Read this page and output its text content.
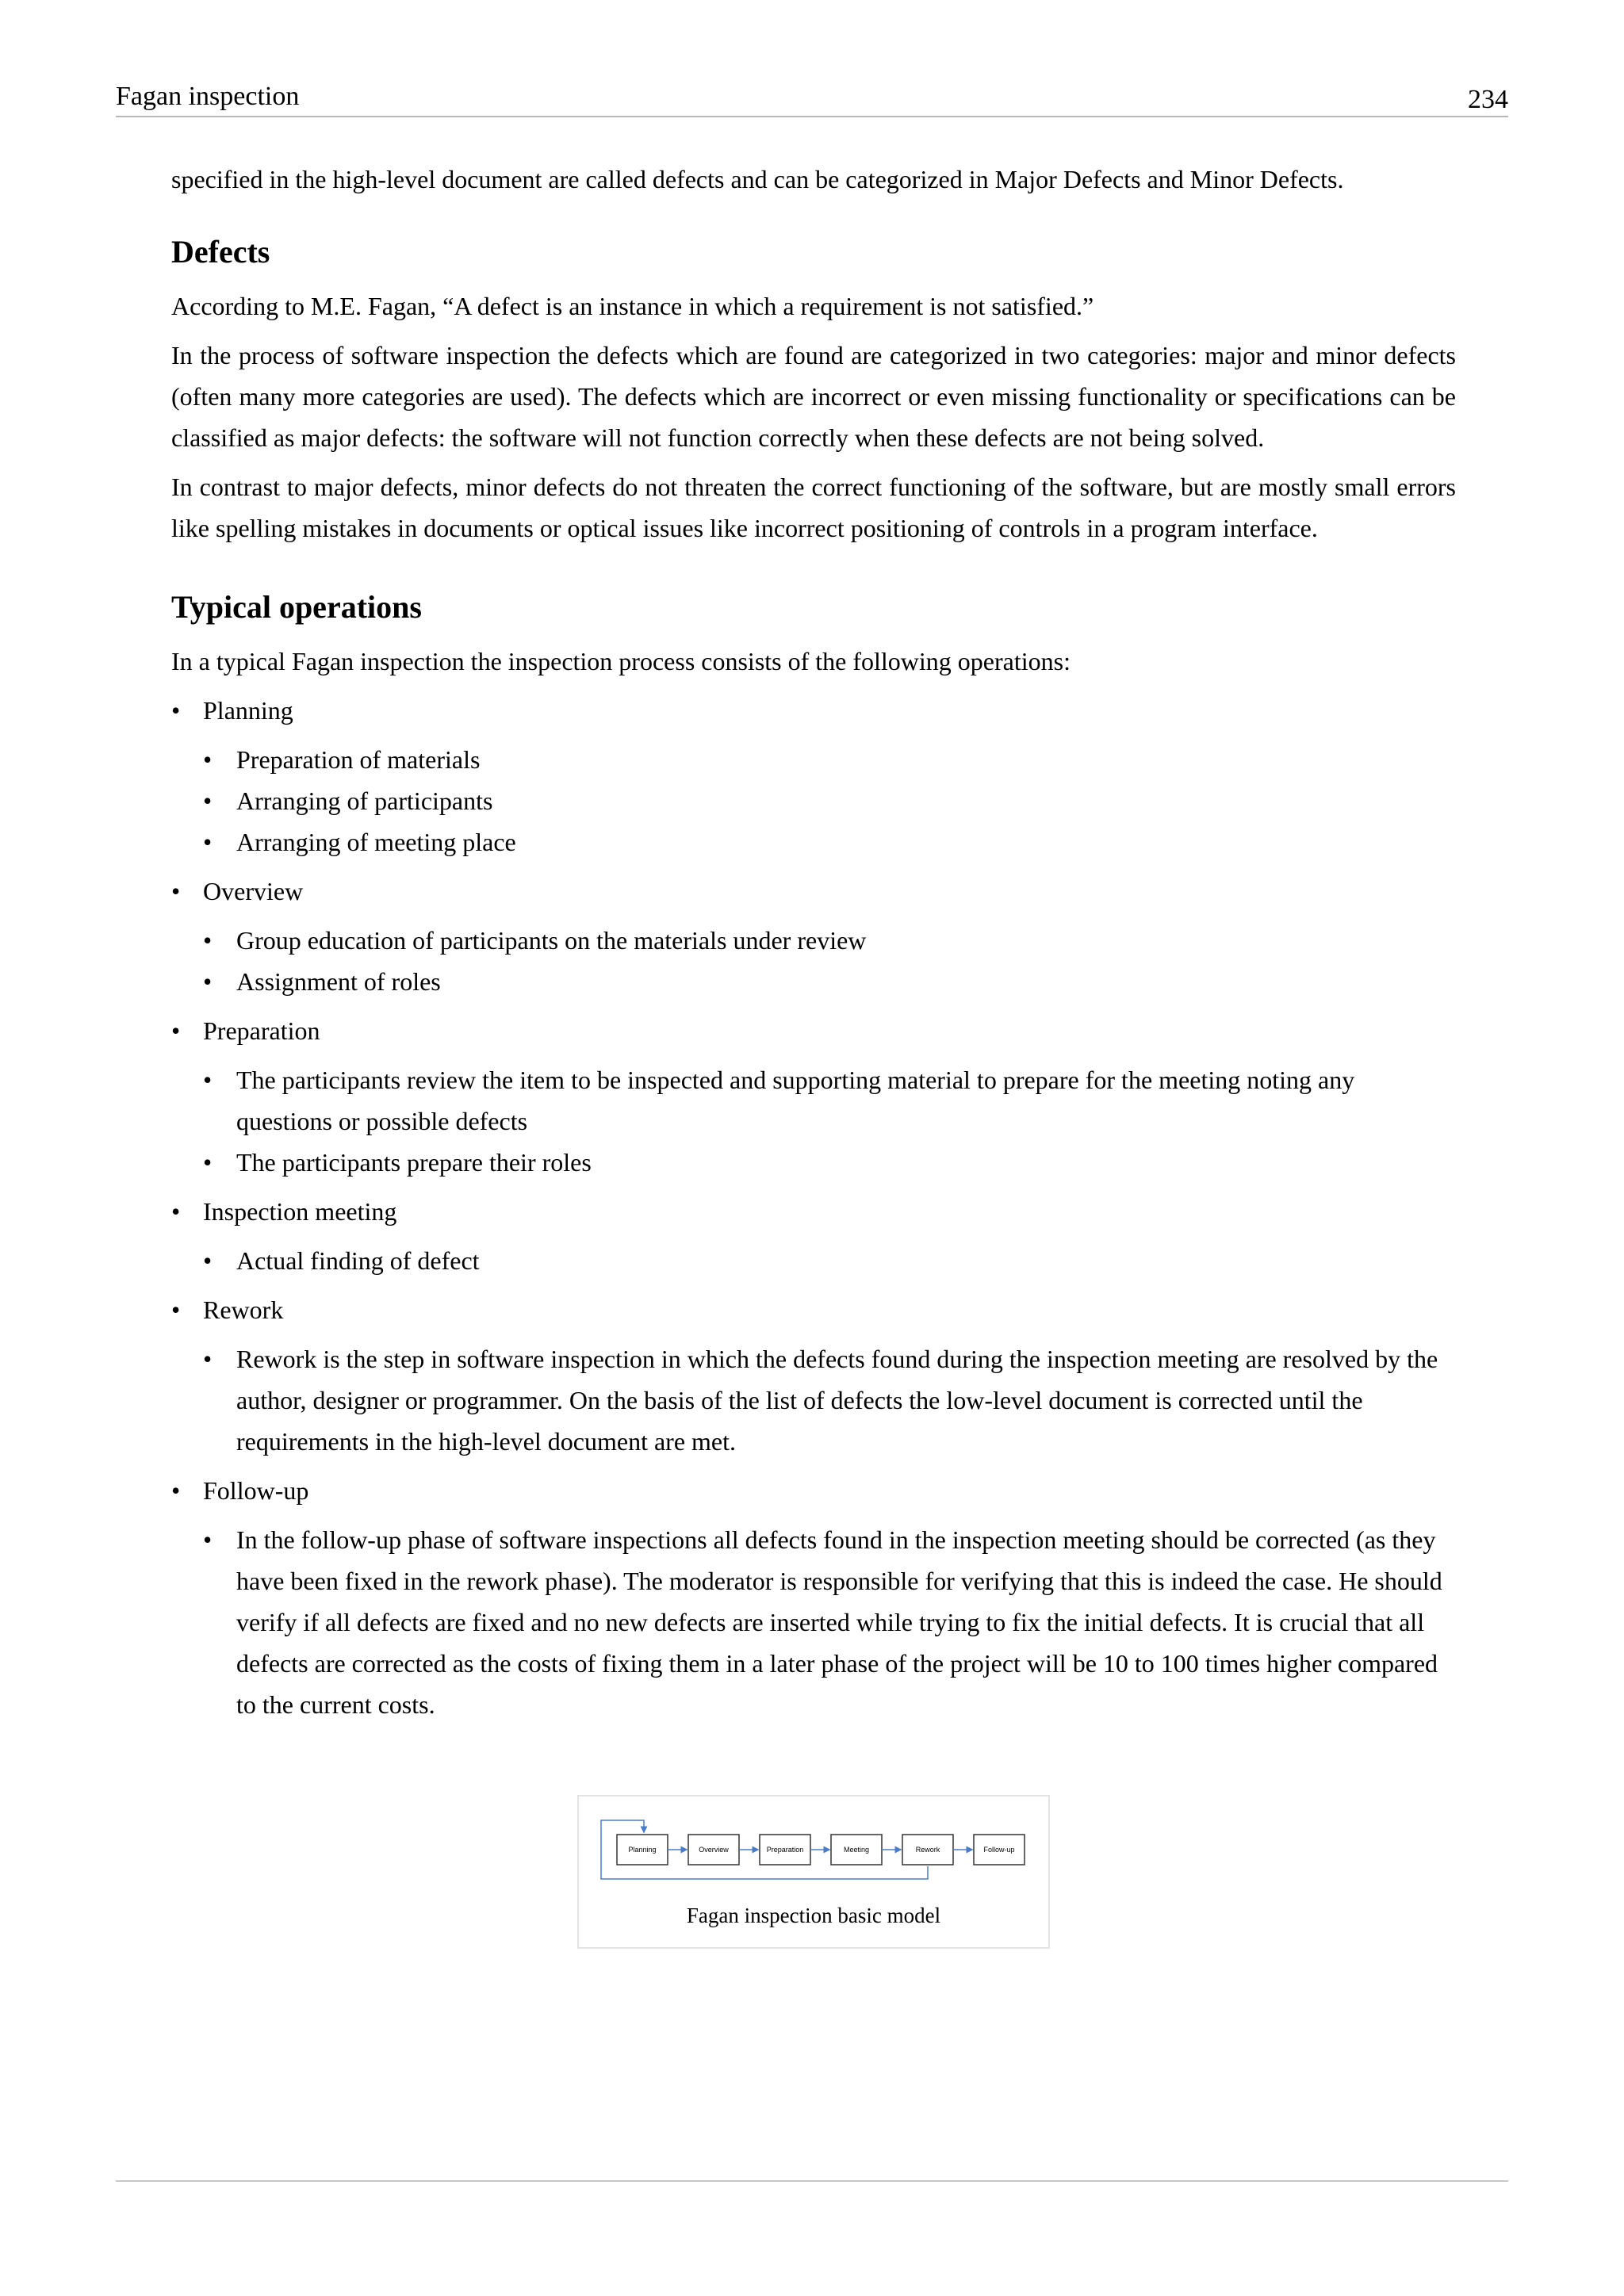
Fagan inspection	234

specified in the high-level document are called defects and can be categorized in Major Defects and Minor Defects.

Defects

According to M.E. Fagan, “A defect is an instance in which a requirement is not satisfied.”

In the process of software inspection the defects which are found are categorized in two categories: major and minor defects (often many more categories are used). The defects which are incorrect or even missing functionality or specifications can be classified as major defects: the software will not function correctly when these defects are not being solved.

In contrast to major defects, minor defects do not threaten the correct functioning of the software, but are mostly small errors like spelling mistakes in documents or optical issues like incorrect positioning of controls in a program interface.

Typical operations

In a typical Fagan inspection the inspection process consists of the following operations:

• Planning
• Preparation of materials
• Arranging of participants
• Arranging of meeting place
• Overview
• Group education of participants on the materials under review
• Assignment of roles
• Preparation
• The participants review the item to be inspected and supporting material to prepare for the meeting noting any questions or possible defects
• The participants prepare their roles
• Inspection meeting
• Actual finding of defect
• Rework
• Rework is the step in software inspection in which the defects found during the inspection meeting are resolved by the author, designer or programmer. On the basis of the list of defects the low-level document is corrected until the requirements in the high-level document are met.
• Follow-up
• In the follow-up phase of software inspections all defects found in the inspection meeting should be corrected (as they have been fixed in the rework phase). The moderator is responsible for verifying that this is indeed the case. He should verify if all defects are fixed and no new defects are inserted while trying to fix the initial defects. It is crucial that all defects are corrected as the costs of fixing them in a later phase of the project will be 10 to 100 times higher compared to the current costs.
Planning	Overview	Preparation	Meeting	Rework	Follow-up
Fagan inspection basic model
